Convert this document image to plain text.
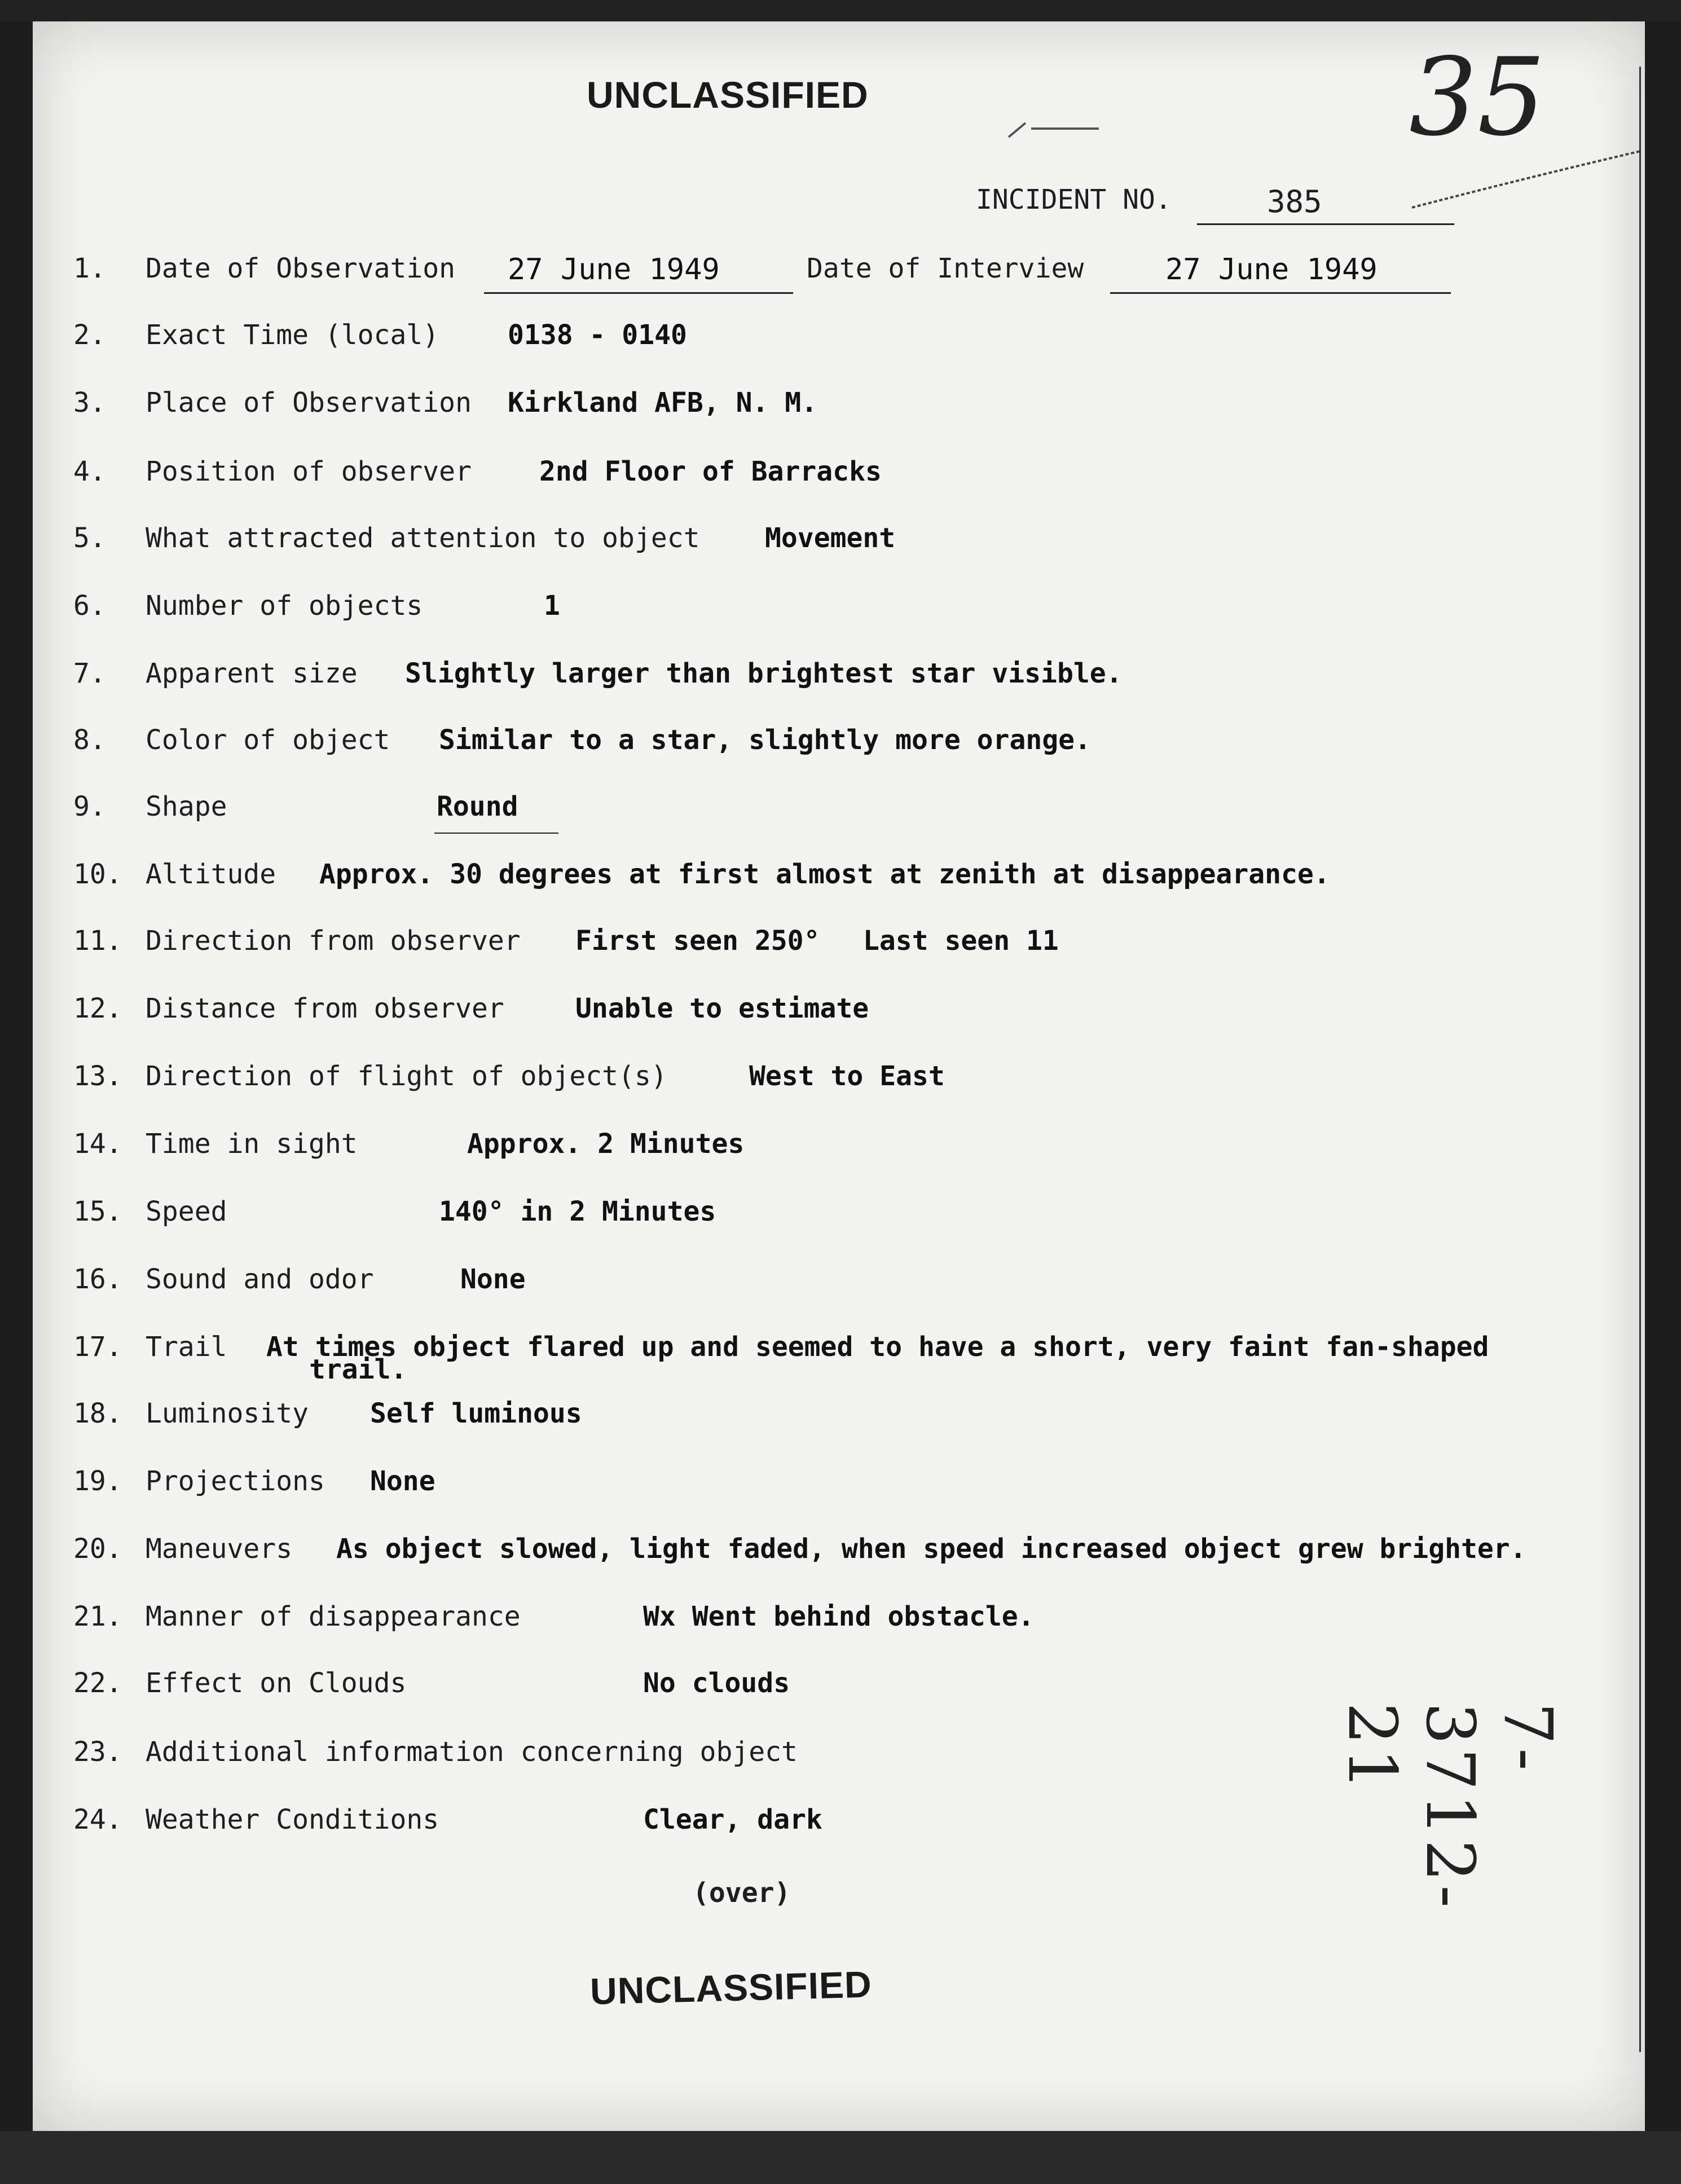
UNCLASSIFIED	35
INCIDENT NO.	385
1. Date of Observation 27 June 1949	Date of Interview	27 June 1949
2. Exact Time (local)	0138 - 0140
3. Place of Observation Kirkland AFB, N. M.
4. Position of observer	2nd Floor of Barracks
5. What attracted attention to object Movement
6. Number of objects	1
7. Apparent size Slightly larger than brightest star visible.
8. Color of object Similar to a star, slightly more orange.
9. Shape	Round
10. Altitude Approx. 30 degrees at first almost at zenith at disappearance.
11. Direction from observer First seen 250° Last seen 11
12. Distance from observer	Unable to estimate
13. Direction of flight of object(s)	West to East
14. Time in sight	Approx. 2 Minutes
15. Speed	140° in 2 Minutes
16. Sound and odor	None
17. Trail At times object flared up and seemed to have a short, very faint fan-shaped
trail.
18. Luminosity Self luminous
19. Projections None
20. Maneuvers As object slowed, light faded, when speed increased object grew brighter.
21. Manner of disappearance	Wx Went behind obstacle.
22. Effect on Clouds	No clouds
23. Additional information concerning object
24. Weather Conditions	Clear, dark
(over)
UNCLASSIFIED
7-3712-21
